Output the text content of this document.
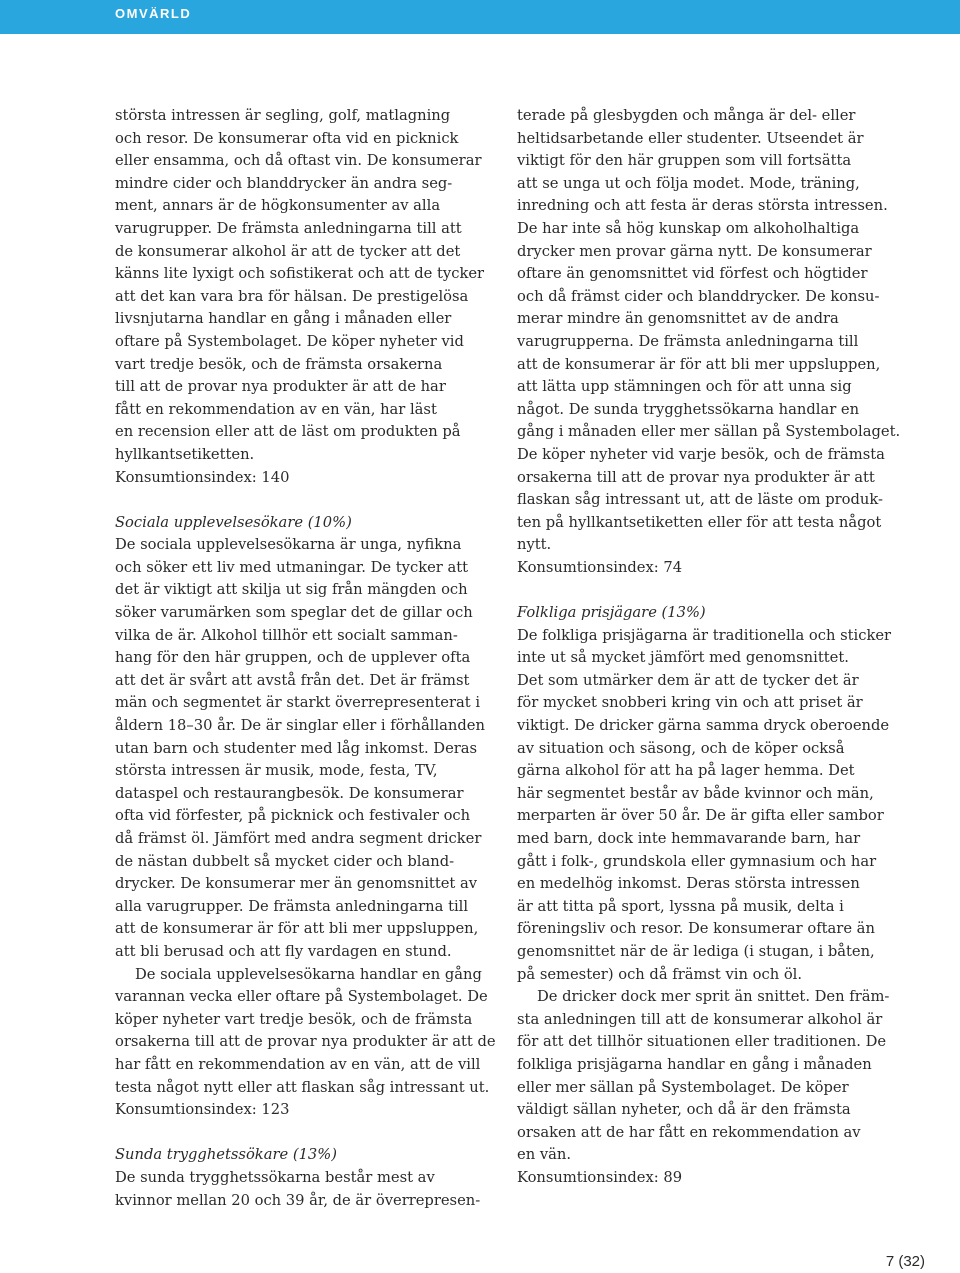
OMVÄRLD
största intressen är segling, golf, matlagning
och resor. De konsumerar ofta vid en picknick
eller ensamma, och då oftast vin. De konsumerar
mindre cider och blanddrycker än andra seg-
ment, annars är de högkonsumenter av alla
varugrupper. De främsta anledningarna till att
de konsumerar alkohol är att de tycker att det
känns lite lyxigt och sofistikerat och att de tycker
att det kan vara bra för hälsan. De prestigelösa
livsnjutarna handlar en gång i månaden eller
oftare på Systembolaget. De köper nyheter vid
vart tredje besök, och de främsta orsakerna
till att de provar nya produkter är att de har
fått en rekommendation av en vän, har läst
en recension eller att de läst om produkten på
hyllkantsetiketten.
Konsumtionsindex: 140
Sociala upplevelsesökare (10%)
De sociala upplevelsesökarna är unga, nyfikna
och söker ett liv med utmaningar. De tycker att
det är viktigt att skilja ut sig från mängden och
söker varumärken som speglar det de gillar och
vilka de är. Alkohol tillhör ett socialt samman-
hang för den här gruppen, och de upplever ofta
att det är svårt att avstå från det. Det är främst
män och segmentet är starkt överrepresenterat i
åldern 18–30 år. De är singlar eller i förhållanden
utan barn och studenter med låg inkomst. Deras
största intressen är musik, mode, festa, TV,
dataspel och restaurangbesök. De konsumerar
ofta vid förfester, på picknick och festivaler och
då främst öl. Jämfört med andra segment dricker
de nästan dubbelt så mycket cider och bland-
drycker. De konsumerar mer än genomsnittet av
alla varugrupper. De främsta anledningarna till
att de konsumerar är för att bli mer uppsluppen,
att bli berusad och att fly vardagen en stund.
De sociala upplevelsesökarna handlar en gång
varannan vecka eller oftare på Systembolaget. De
köper nyheter vart tredje besök, och de främsta
orsakerna till att de provar nya produkter är att de
har fått en rekommendation av en vän, att de vill
testa något nytt eller att flaskan såg intressant ut.
Konsumtionsindex: 123
Sunda trygghetssökare (13%)
De sunda trygghetssökarna består mest av
kvinnor mellan 20 och 39 år, de är överrepresen-
terade på glesbygden och många är del- eller
heltidsarbetande eller studenter. Utseendet är
viktigt för den här gruppen som vill fortsätta
att se unga ut och följa modet. Mode, träning,
inredning och att festa är deras största intressen.
De har inte så hög kunskap om alkoholhaltiga
drycker men provar gärna nytt. De konsumerar
oftare än genomsnittet vid förfest och högtider
och då främst cider och blanddrycker. De konsu-
merar mindre än genomsnittet av de andra
varugrupperna. De främsta anledningarna till
att de konsumerar är för att bli mer uppsluppen,
att lätta upp stämningen och för att unna sig
något. De sunda trygghetssökarna handlar en
gång i månaden eller mer sällan på Systembolaget.
De köper nyheter vid varje besök, och de främsta
orsakerna till att de provar nya produkter är att
flaskan såg intressant ut, att de läste om produk-
ten på hyllkantsetiketten eller för att testa något
nytt.
Konsumtionsindex: 74
Folkliga prisjägare (13%)
De folkliga prisjägarna är traditionella och sticker
inte ut så mycket jämfört med genomsnittet.
Det som utmärker dem är att de tycker det är
för mycket snobberi kring vin och att priset är
viktigt. De dricker gärna samma dryck oberoende
av situation och säsong, och de köper också
gärna alkohol för att ha på lager hemma. Det
här segmentet består av både kvinnor och män,
merparten är över 50 år. De är gifta eller sambor
med barn, dock inte hemmavarande barn, har
gått i folk-, grundskola eller gymnasium och har
en medelhög inkomst. Deras största intressen
är att titta på sport, lyssna på musik, delta i
föreningsliv och resor. De konsumerar oftare än
genomsnittet när de är lediga (i stugan, i båten,
på semester) och då främst vin och öl.
De dricker dock mer sprit än snittet. Den främ-
sta anledningen till att de konsumerar alkohol är
för att det tillhör situationen eller traditionen. De
folkliga prisjägarna handlar en gång i månaden
eller mer sällan på Systembolaget. De köper
väldigt sällan nyheter, och då är den främsta
orsaken att de har fått en rekommendation av
en vän.
Konsumtionsindex: 89
7 (32)
